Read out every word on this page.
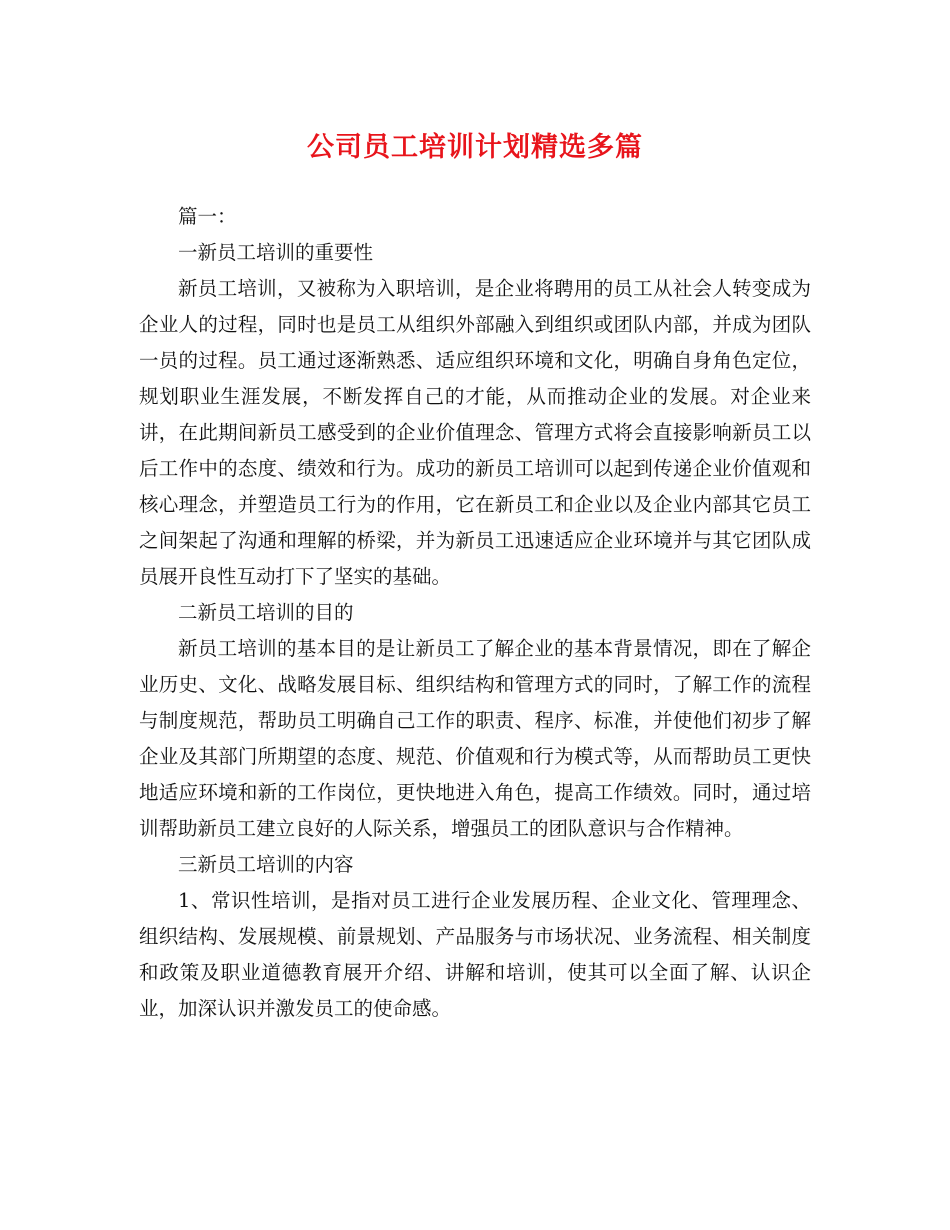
公司员工培训计划精选多篇

篇一：

一新员工培训的重要性

新员工培训，又被称为入职培训，是企业将聘用的员工从社会人转变成为企业人的过程，同时也是员工从组织外部融入到组织或团队内部，并成为团队一员的过程。员工通过逐渐熟悉、适应组织环境和文化，明确自身角色定位，规划职业生涯发展，不断发挥自己的才能，从而推动企业的发展。对企业来讲，在此期间新员工感受到的企业价值理念、管理方式将会直接影响新员工以后工作中的态度、绩效和行为。成功的新员工培训可以起到传递企业价值观和核心理念，并塑造员工行为的作用，它在新员工和企业以及企业内部其它员工之间架起了沟通和理解的桥梁，并为新员工迅速适应企业环境并与其它团队成员展开良性互动打下了坚实的基础。

二新员工培训的目的

新员工培训的基本目的是让新员工了解企业的基本背景情况，即在了解企业历史、文化、战略发展目标、组织结构和管理方式的同时，了解工作的流程与制度规范，帮助员工明确自己工作的职责、程序、标准，并使他们初步了解企业及其部门所期望的态度、规范、价值观和行为模式等，从而帮助员工更快地适应环境和新的工作岗位，更快地进入角色，提高工作绩效。同时，通过培训帮助新员工建立良好的人际关系，增强员工的团队意识与合作精神。

三新员工培训的内容

1、常识性培训，是指对员工进行企业发展历程、企业文化、管理理念、组织结构、发展规模、前景规划、产品服务与市场状况、业务流程、相关制度和政策及职业道德教育展开介绍、讲解和培训，使其可以全面了解、认识企业，加深认识并激发员工的使命感。
